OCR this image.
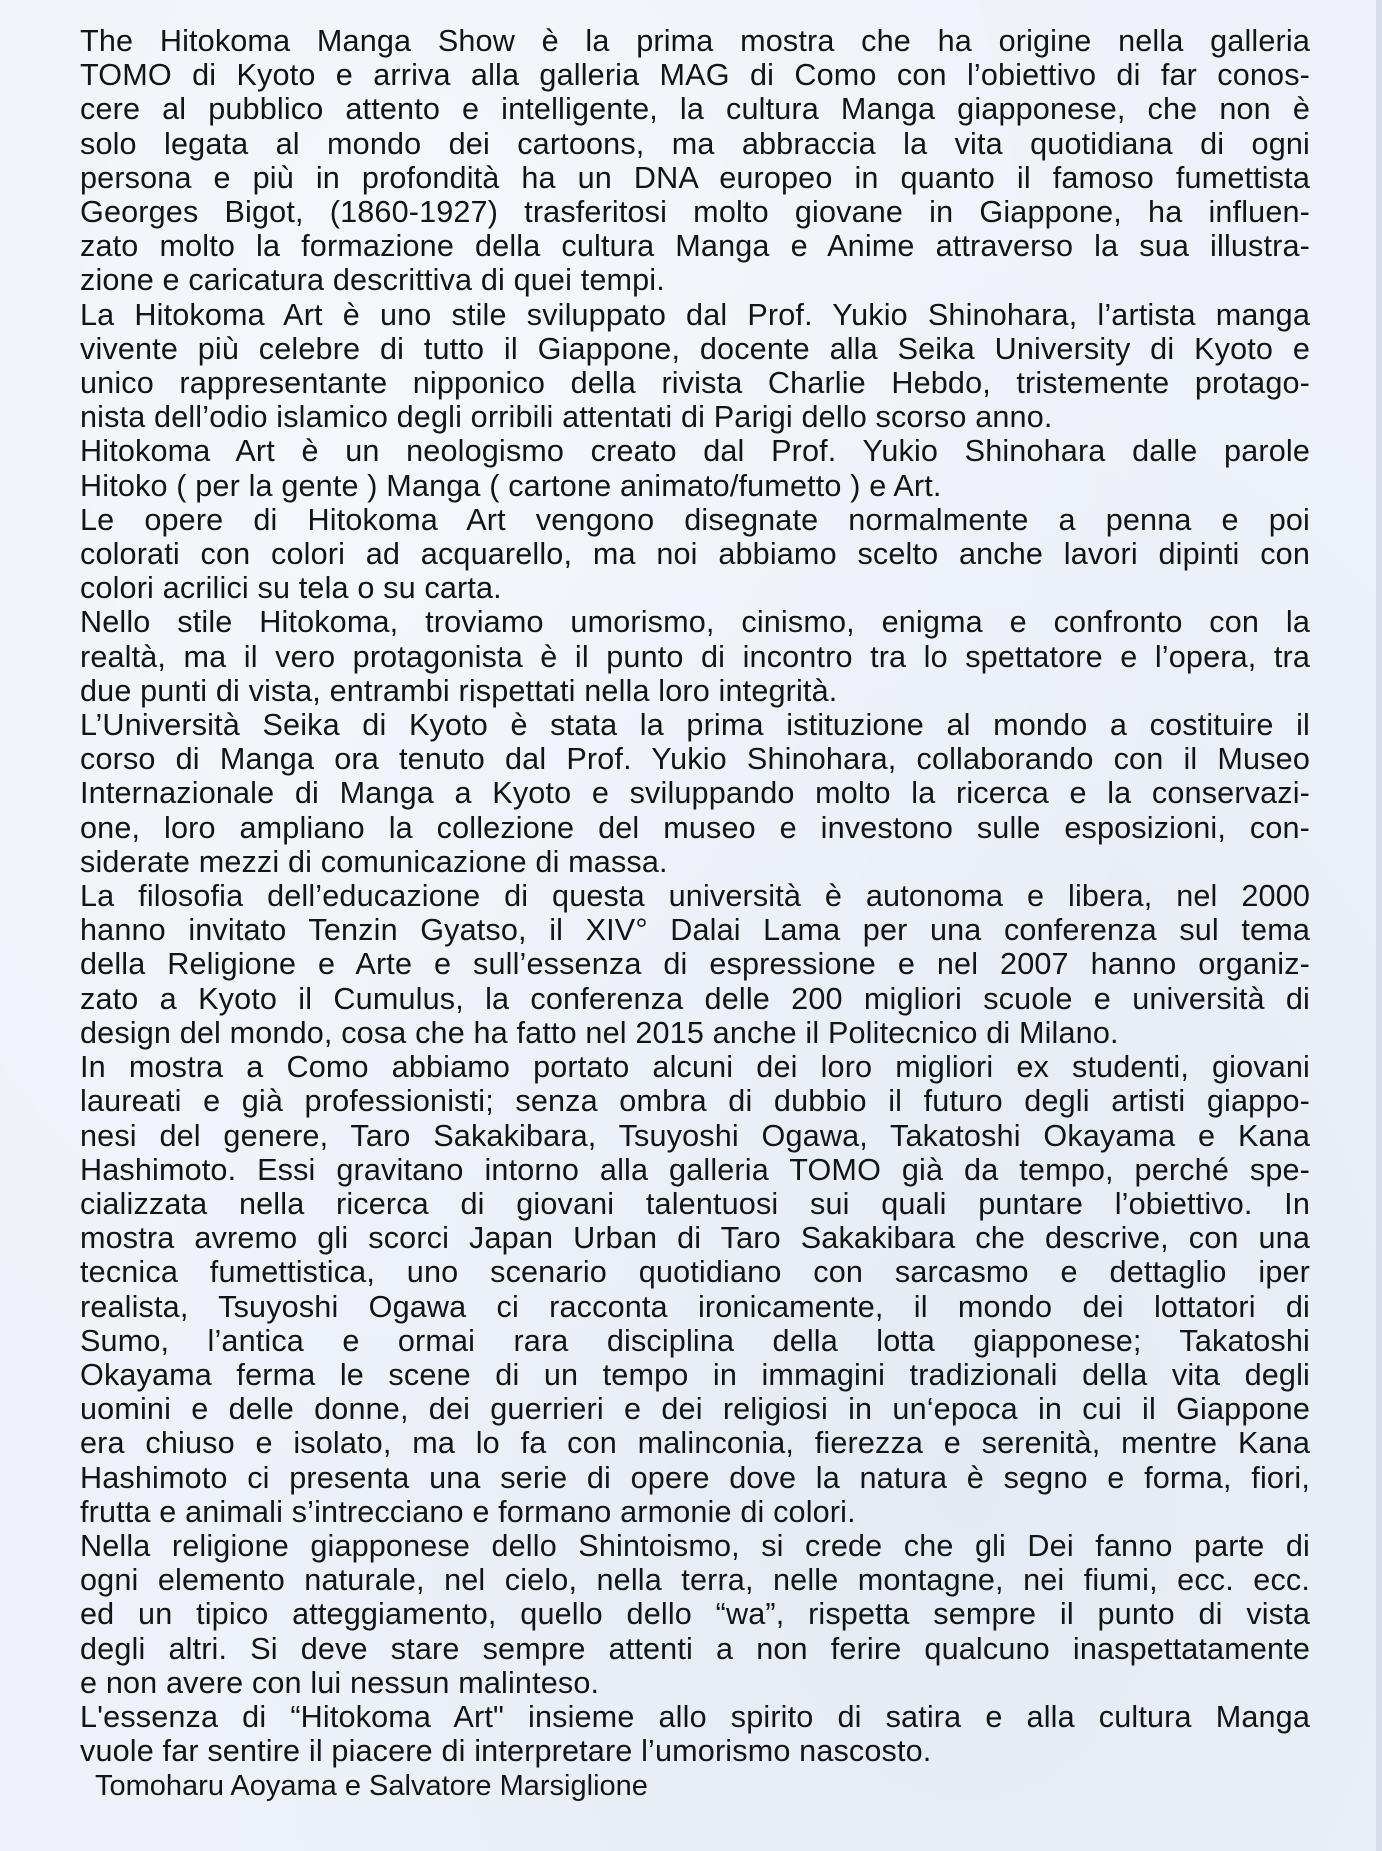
The Hitokoma Manga Show è la prima mostra che ha origine nella galleria
TOMO di Kyoto e arriva alla galleria MAG di Como con l’obiettivo di far conos-
cere al pubblico attento e intelligente, la cultura Manga giapponese, che non è
solo legata al mondo dei cartoons, ma abbraccia la vita quotidiana di ogni
persona e più in profondità ha un DNA europeo in quanto il famoso fumettista
Georges Bigot, (1860-1927) trasferitosi molto giovane in Giappone, ha influen-
zato molto la formazione della cultura Manga e Anime attraverso la sua illustra-
zione e caricatura descrittiva di quei tempi.

La Hitokoma Art è uno stile sviluppato dal Prof. Yukio Shinohara, l’artista manga
vivente più celebre di tutto il Giappone, docente alla Seika University di Kyoto e
unico rappresentante nipponico della rivista Charlie Hebdo, tristemente protago-
nista dell’odio islamico degli orribili attentati di Parigi dello scorso anno.

Hitokoma Art è un neologismo creato dal Prof. Yukio Shinohara dalle parole
Hitoko ( per la gente ) Manga ( cartone animato/fumetto ) e Art.

Le opere di Hitokoma Art vengono disegnate normalmente a penna e poi
colorati con colori ad acquarello, ma noi abbiamo scelto anche lavori dipinti con
colori acrilici su tela o su carta.

Nello stile Hitokoma, troviamo umorismo, cinismo, enigma e confronto con la
realtà, ma il vero protagonista è il punto di incontro tra lo spettatore e l’opera, tra
due punti di vista, entrambi rispettati nella loro integrità.

L’Università Seika di Kyoto è stata la prima istituzione al mondo a costituire il
corso di Manga ora tenuto dal Prof. Yukio Shinohara, collaborando con il Museo
Internazionale di Manga a Kyoto e sviluppando molto la ricerca e la conservazi-
one, loro ampliano la collezione del museo e investono sulle esposizioni, con-
siderate mezzi di comunicazione di massa.

La filosofia dell’educazione di questa università è autonoma e libera, nel 2000
hanno invitato Tenzin Gyatso, il XIV° Dalai Lama per una conferenza sul tema
della Religione e Arte e sull’essenza di espressione e nel 2007 hanno organiz-
zato a Kyoto il Cumulus, la conferenza delle 200 migliori scuole e università di
design del mondo, cosa che ha fatto nel 2015 anche il Politecnico di Milano.

In mostra a Como abbiamo portato alcuni dei loro migliori ex studenti, giovani
laureati e già professionisti; senza ombra di dubbio il futuro degli artisti giappo-
nesi del genere, Taro Sakakibara, Tsuyoshi Ogawa, Takatoshi Okayama e Kana
Hashimoto. Essi gravitano intorno alla galleria TOMO già da tempo, perché spe-
cializzata nella ricerca di giovani talentuosi sui quali puntare l’obiettivo. In
mostra avremo gli scorci Japan Urban di Taro Sakakibara che descrive, con una
tecnica fumettistica, uno scenario quotidiano con sarcasmo e dettaglio iper
realista, Tsuyoshi Ogawa ci racconta ironicamente, il mondo dei lottatori di
Sumo, l’antica e ormai rara disciplina della lotta giapponese; Takatoshi
Okayama ferma le scene di un tempo in immagini tradizionali della vita degli
uomini e delle donne, dei guerrieri e dei religiosi in un‘epoca in cui il Giappone
era chiuso e isolato, ma lo fa con malinconia, fierezza e serenità, mentre Kana
Hashimoto ci presenta una serie di opere dove la natura è segno e forma, fiori,
frutta e animali s’intrecciano e formano armonie di colori.

Nella religione giapponese dello Shintoismo, si crede che gli Dei fanno parte di
ogni elemento naturale, nel cielo, nella terra, nelle montagne, nei fiumi, ecc. ecc.
ed un tipico atteggiamento, quello dello “wa”, rispetta sempre il punto di vista
degli altri. Si deve stare sempre attenti a non ferire qualcuno inaspettatamente
e non avere con lui nessun malinteso.

L'essenza di “Hitokoma Art" insieme allo spirito di satira e alla cultura Manga
vuole far sentire il piacere di interpretare l’umorismo nascosto.

Tomoharu Aoyama e Salvatore Marsiglione
